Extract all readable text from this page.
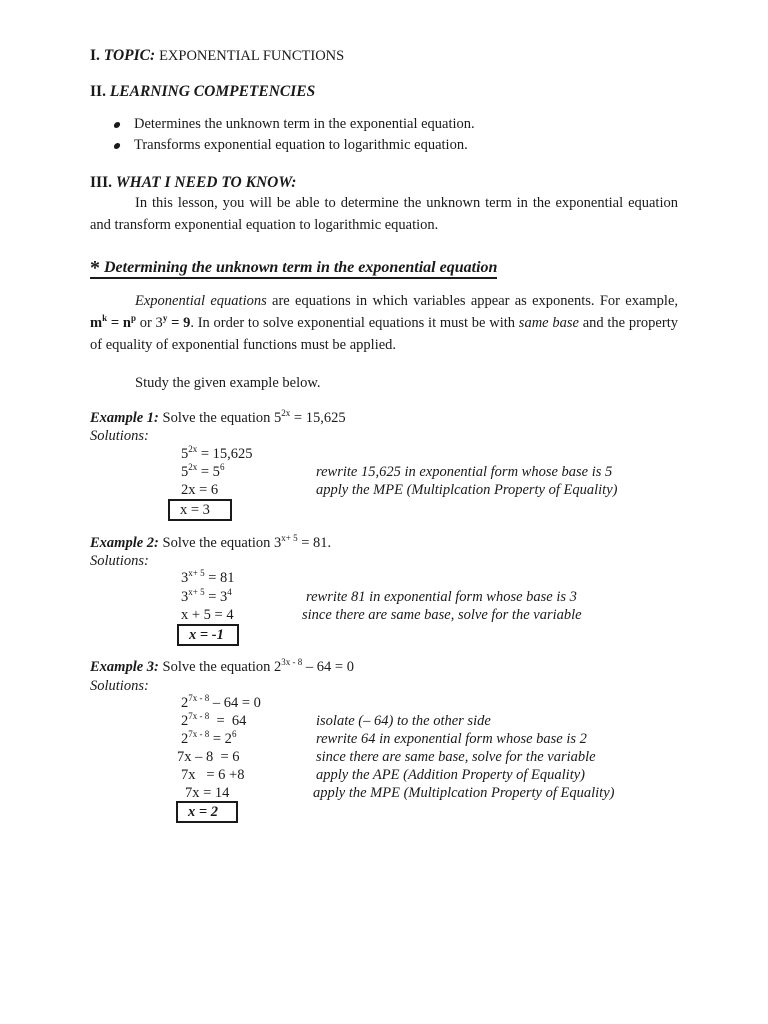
I. TOPIC: EXPONENTIAL FUNCTIONS
II. LEARNING COMPETENCIES
Determines the unknown term in the exponential equation.
Transforms exponential equation to logarithmic equation.
III. WHAT I NEED TO KNOW:
In this lesson, you will be able to determine the unknown term in the exponential equation and transform exponential equation to logarithmic equation.
* Determining the unknown term in the exponential equation
Exponential equations are equations in which variables appear as exponents. For example, $m^k = n^p$ or $3^y = 9$. In order to solve exponential equations it must be with same base and the property of equality of exponential functions must be applied.
Study the given example below.
Example 1: Solve the equation $5^{2x} = 15,625$
Solutions:
$5^{2x} = 15,625$
$5^{2x} = 5^6$	rewrite 15,625 in exponential form whose base is 5
2x = 6	apply the MPE (Multiplcation Property of Equality)
x = 3
Example 2: Solve the equation $3^{x+ 5} = 81$.
Solutions:
$3^{x+ 5} = 81$
$3^{x+ 5} = 3^4$	rewrite 81 in exponential form whose base is 3
x + 5 = 4	since there are same base, solve for the variable
x = -1
Example 3: Solve the equation $2^{3x - 8} - 64 = 0$
Solutions:
$2^{7x - 8} - 64 = 0$
$2^{7x - 8} = 64$	isolate (– 64) to the other side
$2^{7x - 8} = 2^6$	rewrite 64 in exponential form whose base is 2
7x – 8  = 6	since there are same base, solve for the variable
7x   = 6 +8	apply the APE (Addition Property of Equality)
7x = 14	apply the MPE (Multiplcation Property of Equality)
x = 2
